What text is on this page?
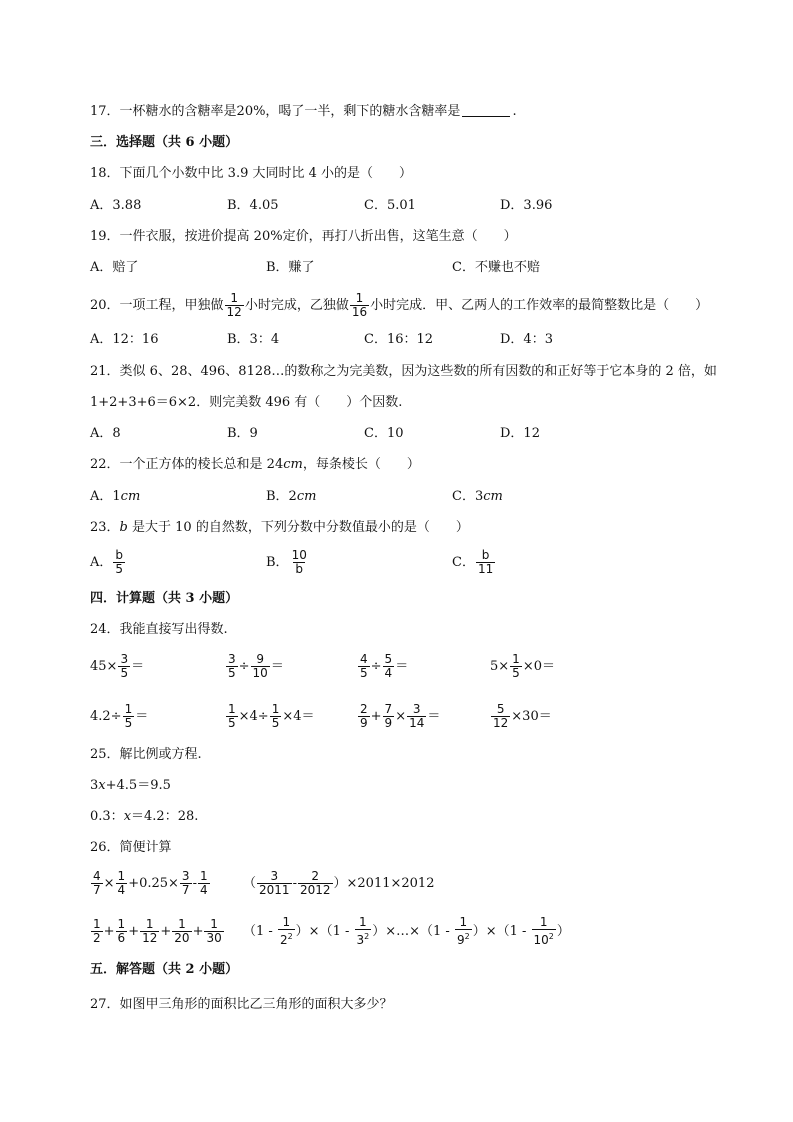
17．一杯糖水的含糖率是20%，喝了一半，剩下的糖水含糖率是	.
三．选择题（共 6 小题）
18．下面几个小数中比 3.9 大同时比 4 小的是（　　）
A．3.88	B．4.05	C．5.01	D．3.96
19．一件衣服，按进价提高 20%定价，再打八折出售，这笔生意（　　）
A．赔了	B．赚了	C．不赚也不赔
20．一项工程，甲独做 $\frac{1}{12}$ 小时完成，乙独做 $\frac{1}{16}$ 小时完成．甲、乙两人的工作效率的最简整数比是（　　）
A．12：16	B．3：4	C．16：12	D．4：3
21．类似 6、28、496、8128…的数称之为完美数，因为这些数的所有因数的和正好等于它本身的 2 倍，如
1+2+3+6＝6×2．则完美数 496 有（　　）个因数.
A．8	B．9	C．10	D．12
22．一个正方体的棱长总和是 24cm，每条棱长（　　）
A．1cm	B．2cm	C．3cm
23．b 是大于 10 的自然数，下列分数中分数值最小的是（　　）
A． $\frac{b}{5}$	B． $\frac{10}{b}$	C． $\frac{b}{11}$
四．计算题（共 3 小题）
24．我能直接写出得数.
$45\times \frac{3}{5}$ ＝	$\frac{3}{5} \div \frac{9}{10}$ ＝	$\frac{4}{5} \div \frac{5}{4}$ ＝	$5\times \frac{1}{5} \times 0=$
$4.2\div \frac{1}{5}$ ＝	$\frac{1}{5} \times 4\div \frac{1}{5} \times 4=$	$\frac{2}{9} + \frac{7}{9} \times \frac{3}{14}$ ＝	$\frac{5}{12} \times 30=$
25．解比例或方程.
3x+4.5＝9.5
0.3：x＝4.2：28.
26．简便计算
$\frac{4}{7} \times \frac{1}{4} +0.25\times \frac{3}{7} - \frac{1}{4}$	（ $\frac{3}{2011} - \frac{2}{2012} )\times 2011\times 2012$
$\frac{1}{2} + \frac{1}{6} + \frac{1}{12} + \frac{1}{20} + \frac{1}{30} (1 - \frac{1}{2^2} )\times(1 - \frac{1}{3^2}$ ）×…×（1 - $\frac{1}{9^2} )\times(1 - \frac{1}{10^2}$ ）
五．解答题（共 2 小题）
27．如图甲三角形的面积比乙三角形的面积大多少？
